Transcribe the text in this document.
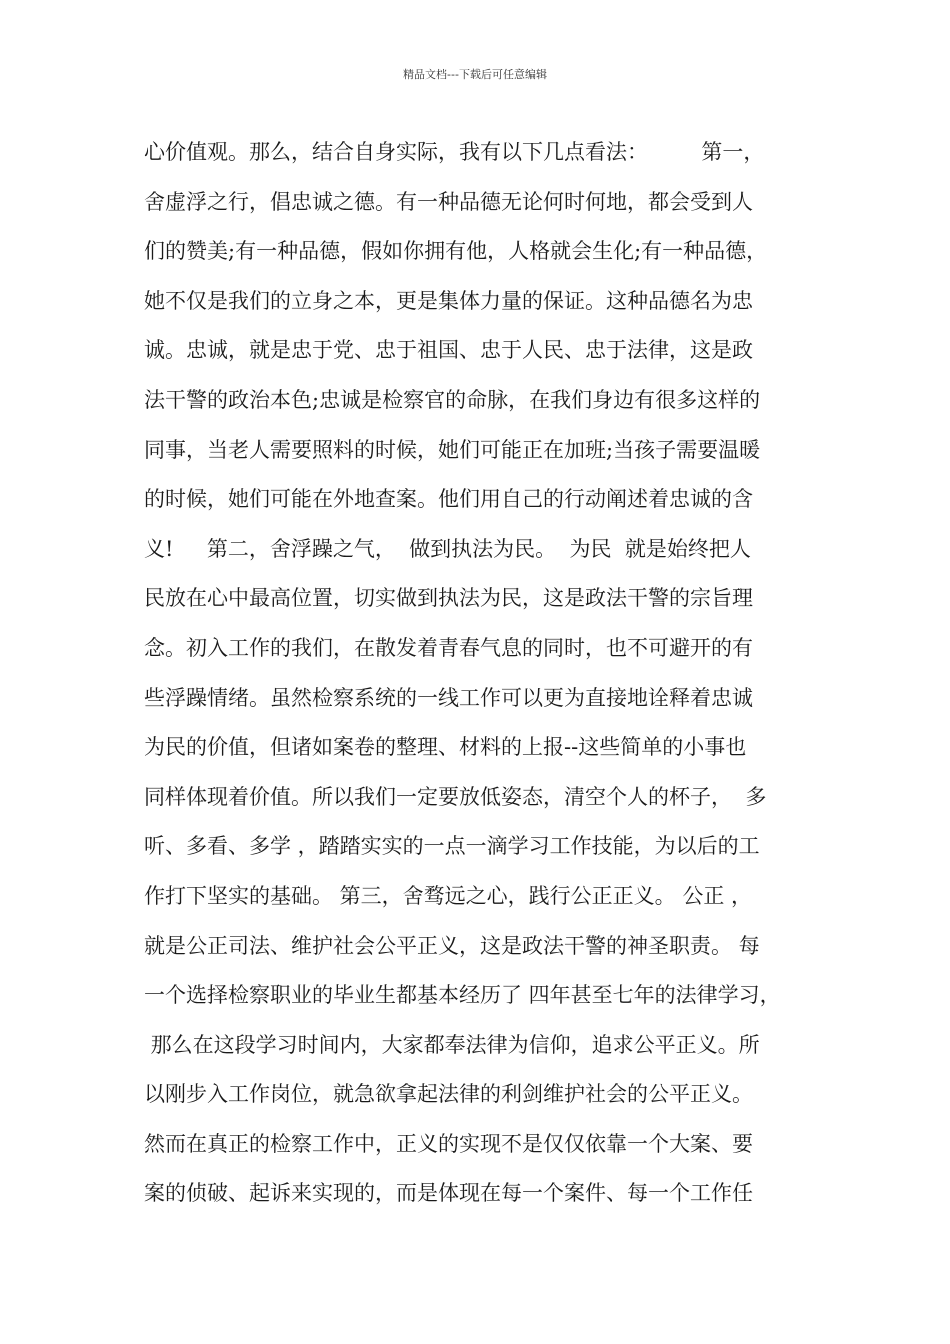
精品文档---下载后可任意编辑
心价值观。那么，结合自身实际，我有以下几点看法：        第一，
舍虚浮之行，倡忠诚之德。有一种品德无论何时何地，都会受到人
们的赞美;有一种品德，假如你拥有他，人格就会生化;有一种品德，
她不仅是我们的立身之本，更是集体力量的保证。这种品德名为忠
诚。忠诚，就是忠于党、忠于祖国、忠于人民、忠于法律，这是政
法干警的政治本色;忠诚是检察官的命脉，在我们身边有很多这样的
同事，当老人需要照料的时候，她们可能正在加班;当孩子需要温暖
的时候，她们可能在外地查案。他们用自己的行动阐述着忠诚的含
义!     第二，舍浮躁之气，  做到执法为民。  为民  就是始终把人
民放在心中最高位置，切实做到执法为民，这是政法干警的宗旨理
念。初入工作的我们，在散发着青春气息的同时，也不可避开的有
些浮躁情绪。虽然检察系统的一线工作可以更为直接地诠释着忠诚
为民的价值，但诸如案卷的整理、材料的上报--这些简单的小事也
同样体现着价值。所以我们一定要放低姿态，清空个人的杯子，  多
听、多看、多学 ，踏踏实实的一点一滴学习工作技能，为以后的工
作打下坚实的基础。 第三，舍骛远之心，践行公正正义。 公正 ，
就是公正司法、维护社会公平正义，这是政法干警的神圣职责。 每
一个选择检察职业的毕业生都基本经历了 四年甚至七年的法律学习，
那么在这段学习时间内，大家都奉法律为信仰，追求公平正义。所
以刚步入工作岗位，就急欲拿起法律的利剑维护社会的公平正义。
然而在真正的检察工作中，正义的实现不是仅仅依靠一个大案、要
案的侦破、起诉来实现的，而是体现在每一个案件、每一个工作任
